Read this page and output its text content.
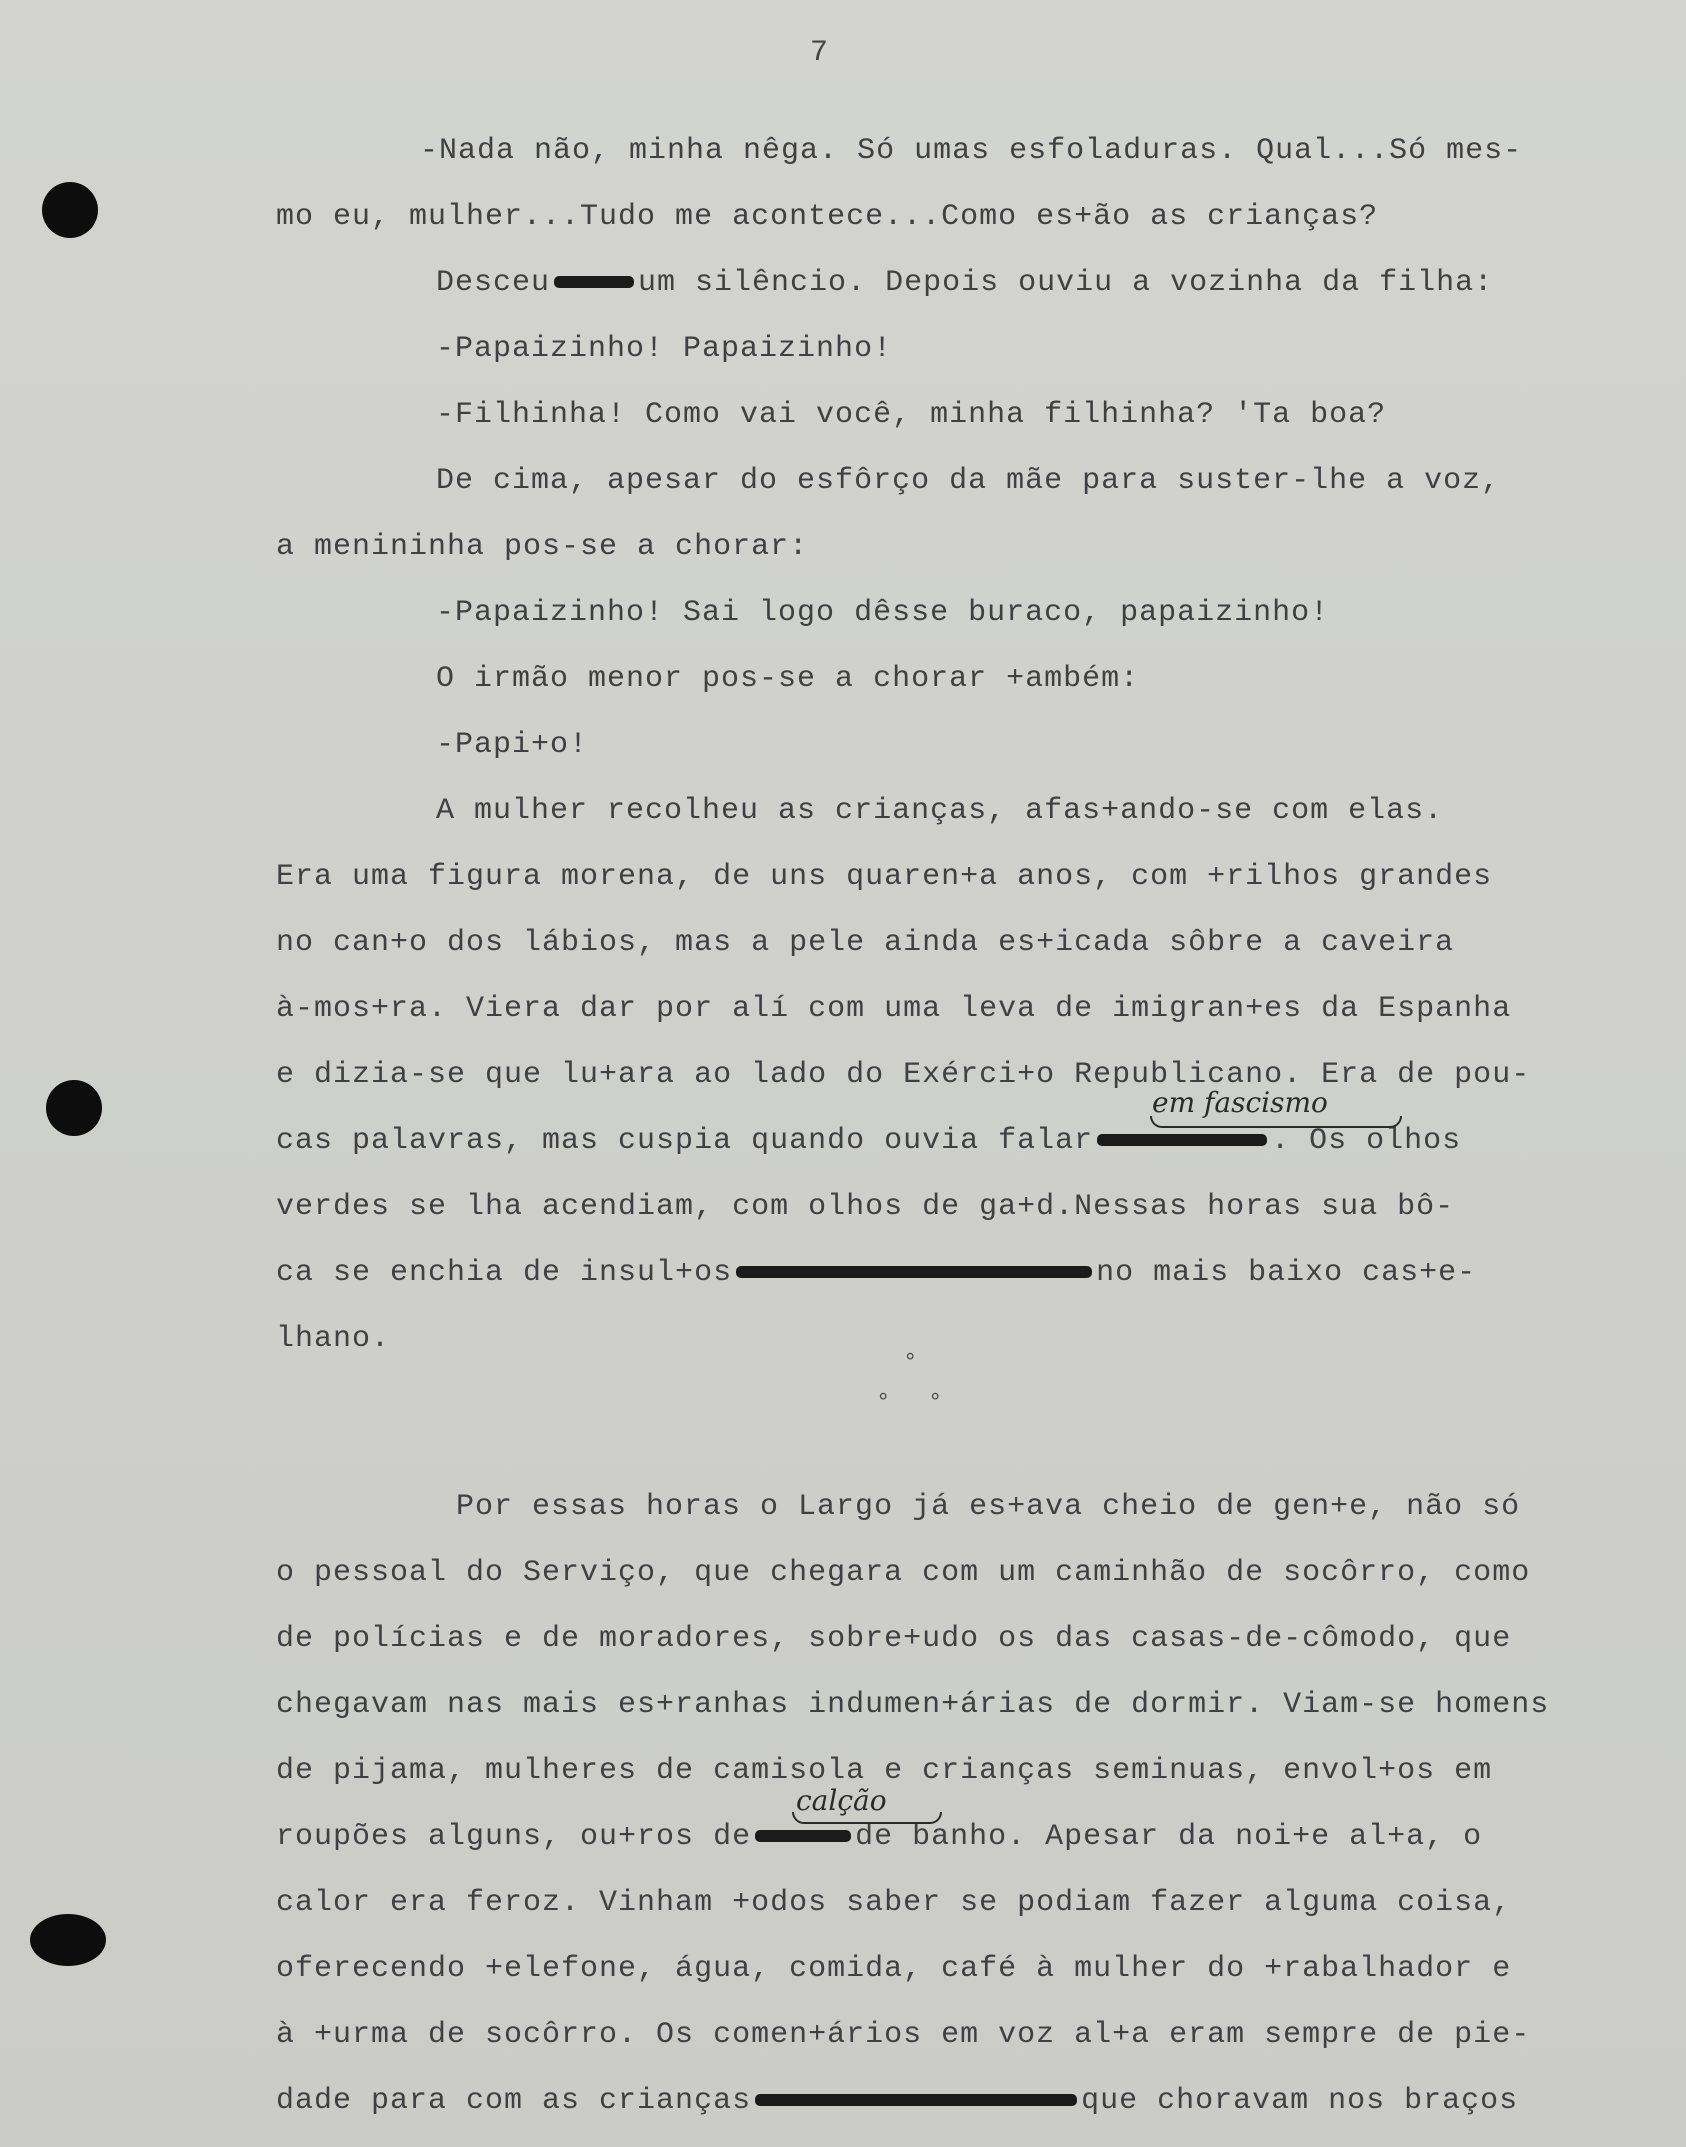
7
-Nada não, minha nêga. Só umas esfoladuras. Qual...Só mes-
mo eu, mulher...Tudo me acontece...Como es+ão as crianças?
Desceu	um silêncio. Depois ouviu a vozinha da filha:
-Papaizinho! Papaizinho!
-Filhinha! Como vai você, minha filhinha? 'Ta boa?
De cima, apesar do esfôrço da mãe para suster-lhe a voz,
a menininha pos-se a chorar:
-Papaizinho! Sai logo dêsse buraco, papaizinho!
O irmão menor pos-se a chorar +ambém:
-Papi+o!
A mulher recolheu as crianças, afas+ando-se com elas.
Era uma figura morena, de uns quaren+a anos, com +rilhos grandes
no can+o dos lábios, mas a pele ainda es+icada sôbre a caveira
à-mos+ra. Viera dar por alí com uma leva de imigran+es da Espanha
e dizia-se que lu+ara ao lado do Exérci+o Republicano. Era de pou-
cas palavras, mas cuspia quando ouvia falar	. Os olhos
verdes se lha acendiam, com olhos de ga+d.Nessas horas sua bô-
ca se enchia de insul+os	no mais baixo cas+e-
lhano.
°
° °
Por essas horas o Largo já es+ava cheio de gen+e, não só
o pessoal do Serviço, que chegara com um caminhão de socôrro, como
de polícias e de moradores, sobre+udo os das casas-de-cômodo, que
chegavam nas mais es+ranhas indumen+árias de dormir. Viam-se homens
de pijama, mulheres de camisola e crianças seminuas, envol+os em
roupões alguns, ou+ros de	de banho. Apesar da noi+e al+a, o
calor era feroz. Vinham +odos saber se podiam fazer alguma coisa,
oferecendo +elefone, água, comida, café à mulher do +rabalhador e
à +urma de socôrro. Os comen+ários em voz al+a eram sempre de pie-
dade para com as crianças	que choravam nos braços
em fascismo
calção
